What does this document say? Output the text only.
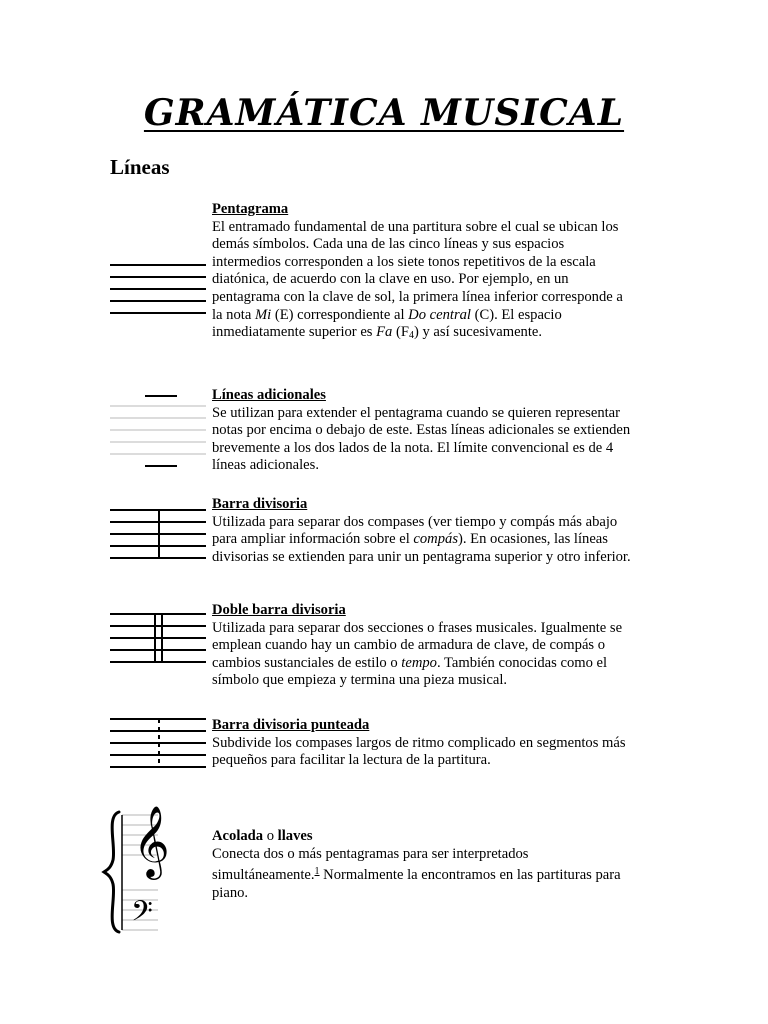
GRAMÁTICA MUSICAL
Líneas
𝄞
𝄢
Pentagrama
El entramado fundamental de una partitura sobre el cual se ubican los
demás símbolos. Cada una de las cinco líneas y sus espacios
intermedios corresponden a los siete tonos repetitivos de la escala
diatónica, de acuerdo con la clave en uso. Por ejemplo, en un
pentagrama con la clave de sol, la primera línea inferior corresponde a
la nota Mi (E) correspondiente al Do central (C). El espacio
inmediatamente superior es Fa $(F_4)$ y así sucesivamente.
Líneas adicionales
Se utilizan para extender el pentagrama cuando se quieren representar
notas por encima o debajo de este. Estas líneas adicionales se extienden
brevemente a los dos lados de la nota. El límite convencional es de 4
líneas adicionales.
Barra divisoria
Utilizada para separar dos compases (ver tiempo y compás más abajo
para ampliar información sobre el compás). En ocasiones, las líneas
divisorias se extienden para unir un pentagrama superior y otro inferior.
Doble barra divisoria
Utilizada para separar dos secciones o frases musicales. Igualmente se
emplean cuando hay un cambio de armadura de clave, de compás o
cambios sustanciales de estilo o tempo. También conocidas como el
símbolo que empieza y termina una pieza musical.
Barra divisoria punteada
Subdivide los compases largos de ritmo complicado en segmentos más
pequeños para facilitar la lectura de la partitura.
Acolada o llaves
Conecta dos o más pentagramas para ser interpretados
simultáneamente.$^1$ Normalmente la encontramos en las partituras para
piano.
